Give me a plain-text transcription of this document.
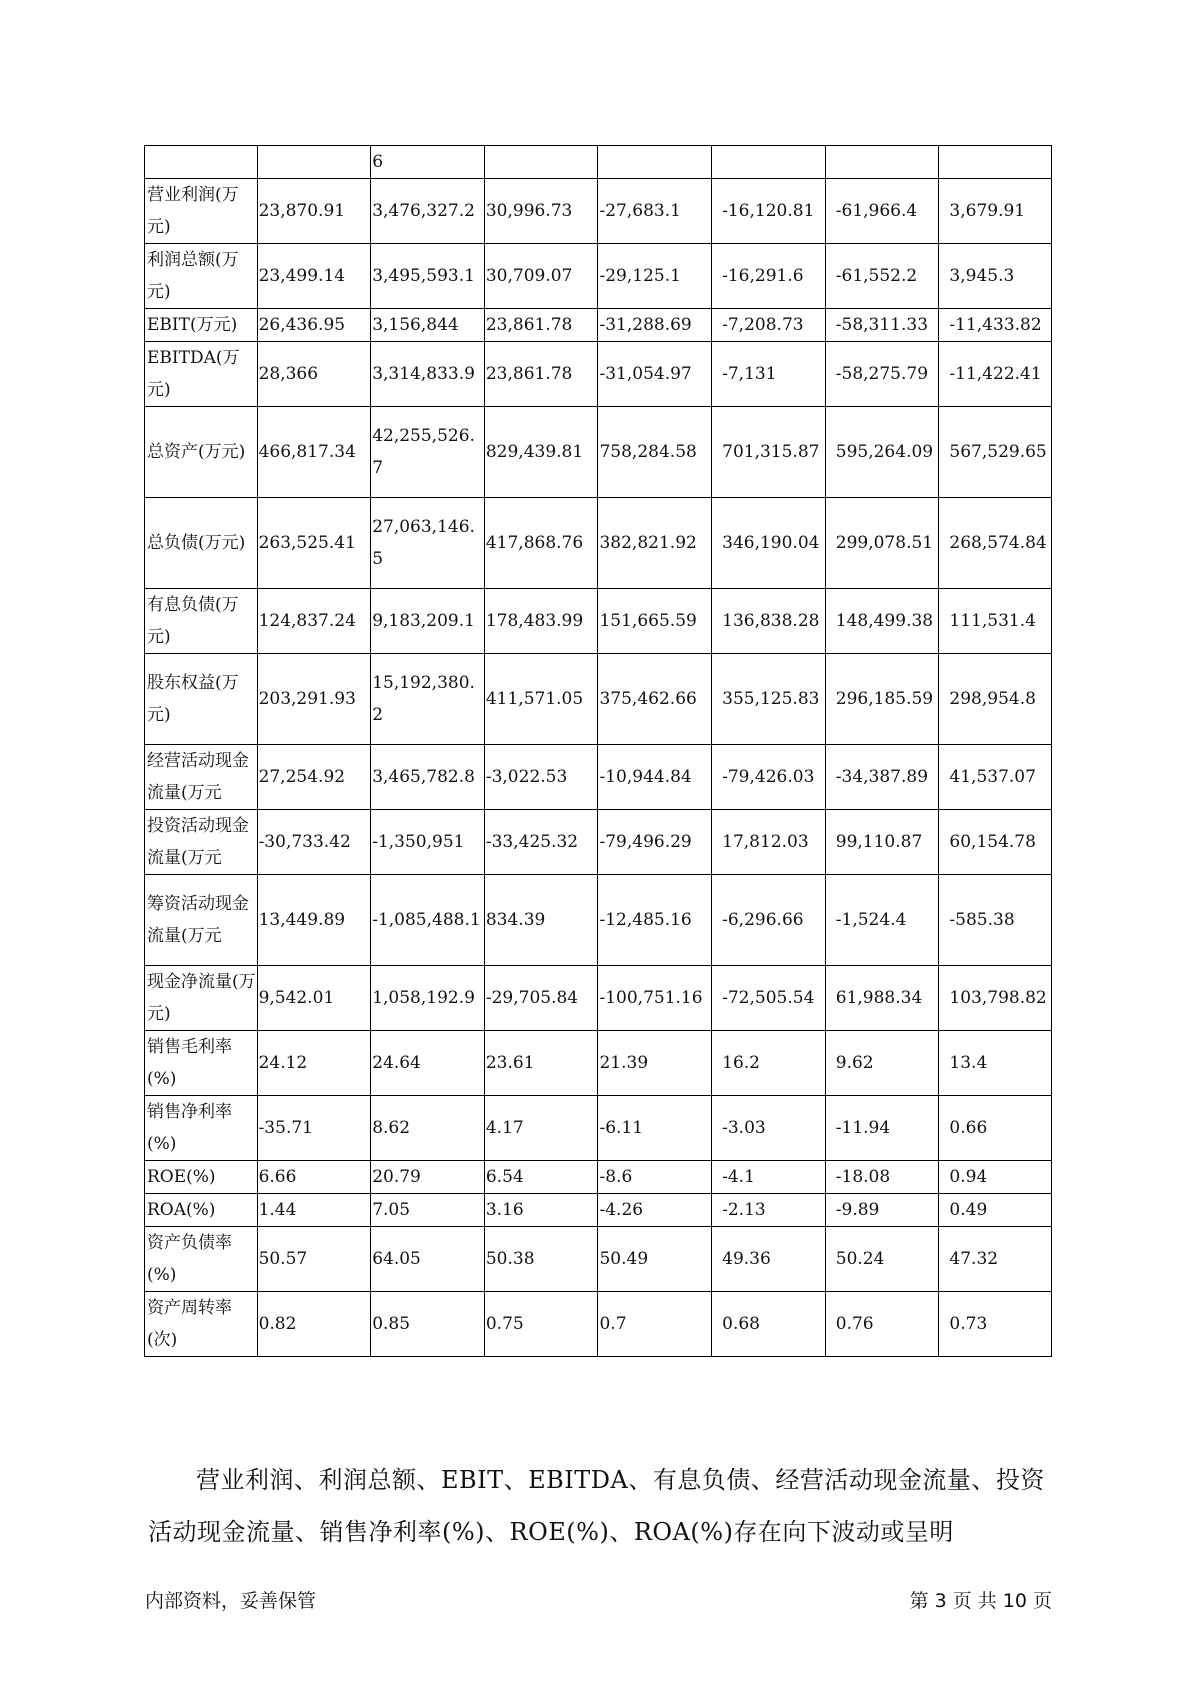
		6					
营业利润(万元)	23,870.91	3,476,327.2	30,996.73	-27,683.1	-16,120.81	-61,966.4	3,679.91
利润总额(万元)	23,499.14	3,495,593.1	30,709.07	-29,125.1	-16,291.6	-61,552.2	3,945.3
EBIT(万元)	26,436.95	3,156,844	23,861.78	-31,288.69	-7,208.73	-58,311.33	-11,433.82
EBITDA(万元)	28,366	3,314,833.9	23,861.78	-31,054.97	-7,131	-58,275.79	-11,422.41
总资产(万元)	466,817.34	42,255,526.7	829,439.81	758,284.58	701,315.87	595,264.09	567,529.65
总负债(万元)	263,525.41	27,063,146.5	417,868.76	382,821.92	346,190.04	299,078.51	268,574.84
有息负债(万元)	124,837.24	9,183,209.1	178,483.99	151,665.59	136,838.28	148,499.38	111,531.4
股东权益(万元)	203,291.93	15,192,380.2	411,571.05	375,462.66	355,125.83	296,185.59	298,954.8
经营活动现金流量(万元	27,254.92	3,465,782.8	-3,022.53	-10,944.84	-79,426.03	-34,387.89	41,537.07
投资活动现金流量(万元	-30,733.42	-1,350,951	-33,425.32	-79,496.29	17,812.03	99,110.87	60,154.78
筹资活动现金流量(万元	13,449.89	-1,085,488.1	834.39	-12,485.16	-6,296.66	-1,524.4	-585.38
现金净流量(万元)	9,542.01	1,058,192.9	-29,705.84	-100,751.16	-72,505.54	61,988.34	103,798.82
销售毛利率(%)	24.12	24.64	23.61	21.39	16.2	9.62	13.4
销售净利率(%)	-35.71	8.62	4.17	-6.11	-3.03	-11.94	0.66
ROE(%)	6.66	20.79	6.54	-8.6	-4.1	-18.08	0.94
ROA(%)	1.44	7.05	3.16	-4.26	-2.13	-9.89	0.49
资产负债率(%)	50.57	64.05	50.38	50.49	49.36	50.24	47.32
资产周转率(次)	0.82	0.85	0.75	0.7	0.68	0.76	0.73

营业利润、利润总额、EBIT、EBITDA、有息负债、经营活动现金流量、投资活动现金流量、销售净利率(%)、ROE(%)、ROA(%)存在向下波动或呈明

内部资料，妥善保管	第 3 页 共 10 页
